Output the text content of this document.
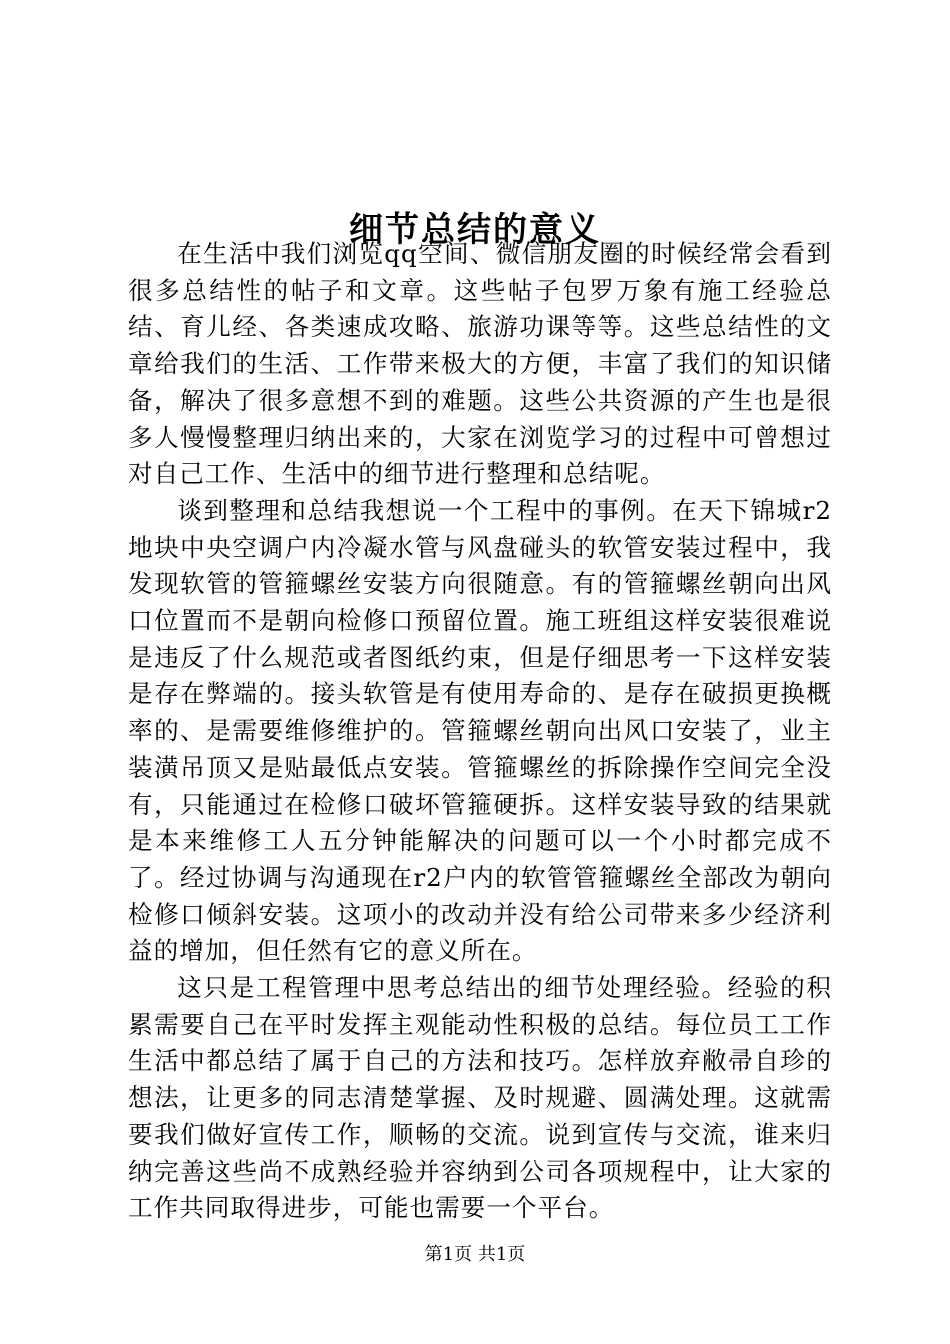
细节总结的意义

在生活中我们浏览qq空间、微信朋友圈的时候经常会看到很多总结性的帖子和文章。这些帖子包罗万象有施工经验总结、育儿经、各类速成攻略、旅游功课等等。这些总结性的文章给我们的生活、工作带来极大的方便，丰富了我们的知识储备，解决了很多意想不到的难题。这些公共资源的产生也是很多人慢慢整理归纳出来的，大家在浏览学习的过程中可曾想过对自己工作、生活中的细节进行整理和总结呢。

谈到整理和总结我想说一个工程中的事例。在天下锦城r2地块中央空调户内冷凝水管与风盘碰头的软管安装过程中，我发现软管的管箍螺丝安装方向很随意。有的管箍螺丝朝向出风口位置而不是朝向检修口预留位置。施工班组这样安装很难说是违反了什么规范或者图纸约束，但是仔细思考一下这样安装是存在弊端的。接头软管是有使用寿命的、是存在破损更换概率的、是需要维修维护的。管箍螺丝朝向出风口安装了，业主装潢吊顶又是贴最低点安装。管箍螺丝的拆除操作空间完全没有，只能通过在检修口破坏管箍硬拆。这样安装导致的结果就是本来维修工人五分钟能解决的问题可以一个小时都完成不了。经过协调与沟通现在r2户内的软管管箍螺丝全部改为朝向检修口倾斜安装。这项小的改动并没有给公司带来多少经济利益的增加，但任然有它的意义所在。

这只是工程管理中思考总结出的细节处理经验。经验的积累需要自己在平时发挥主观能动性积极的总结。每位员工工作生活中都总结了属于自己的方法和技巧。怎样放弃敝帚自珍的想法，让更多的同志清楚掌握、及时规避、圆满处理。这就需要我们做好宣传工作，顺畅的交流。说到宣传与交流，谁来归纳完善这些尚不成熟经验并容纳到公司各项规程中，让大家的工作共同取得进步，可能也需要一个平台。

第1页 共1页
